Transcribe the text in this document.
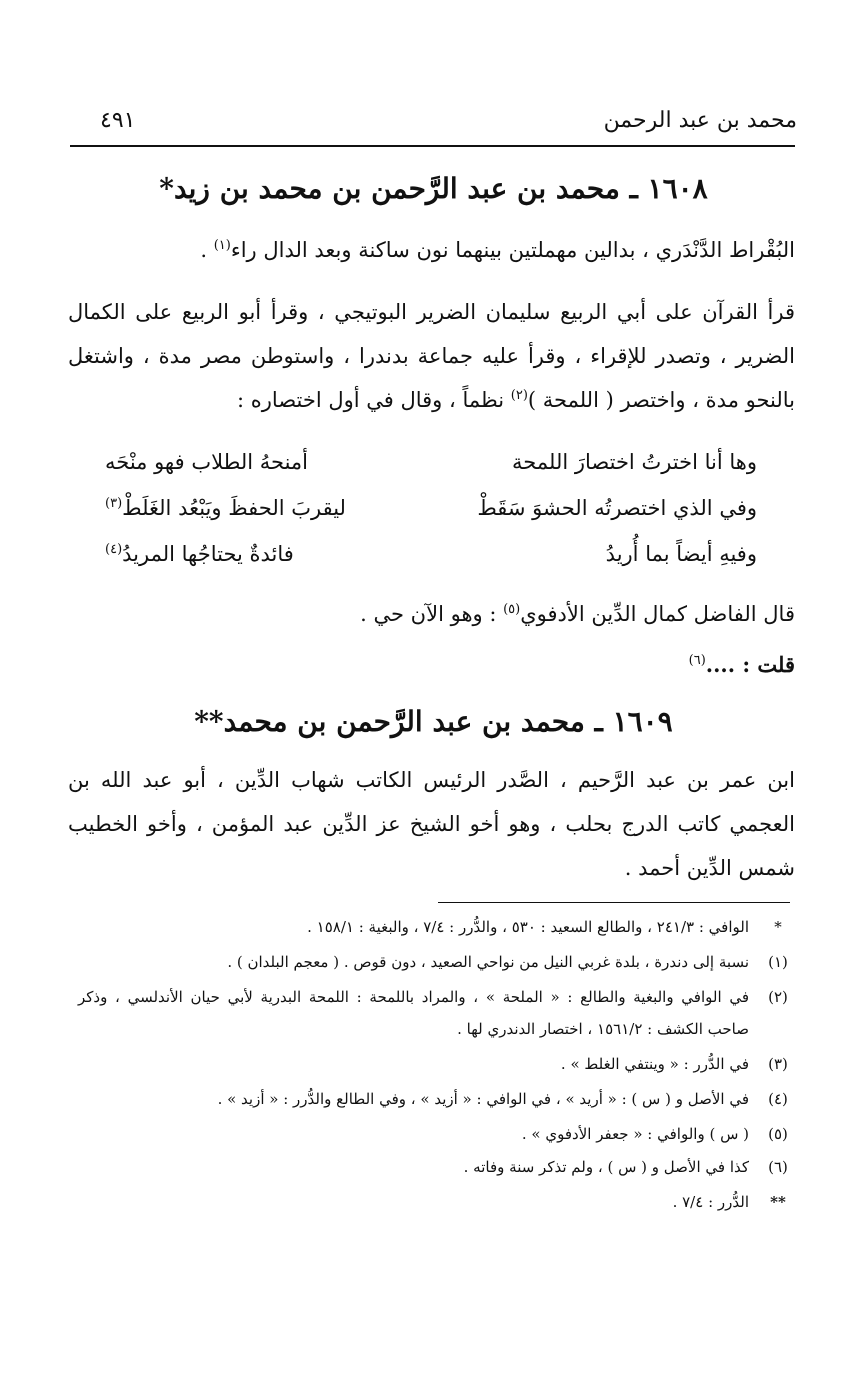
محمد بن عبد الرحمن
٤٩١
١٦٠٨ ـ محمد بن عبد الرَّحمن بن محمد بن زيد*
البُقْراط الدَّنْدَري ، بدالين مهملتين بينهما نون ساكنة وبعد الدال راء$^{(١)}$ .
قرأ القرآن على أبي الربيع سليمان الضرير البوتيجي ، وقرأ أبو الربيع على الكمال
الضرير ، وتصدر للإقراء ، وقرأ عليه جماعة بدندرا ، واستوطن مصر مدة ، واشتغل
بالنحو مدة ، واختصر ( اللمحة )$^{(٢)}$ نظماً ، وقال في أول اختصاره :
وها أنا اخترتُ اختصارَ اللمحة
أمنحهُ الطلاب فهو منْحَه
وفي الذي اختصرتُه الحشوَ سَقَطْ
ليقربَ الحفظَ ويَبْعُد الغَلَطْ$^{(٣)}$
وفيهِ أيضاً بما أُريدُ
فائدةٌ يحتاجُها المريدُ$^{(٤)}$
قال الفاضل كمال الدِّين الأدفوي$^{(٥)}$ : وهو الآن حي .
قلت : ....$^{(٦)}$
١٦٠٩ ـ محمد بن عبد الرَّحمن بن محمد**
ابن عمر بن عبد الرَّحيم ، الصَّدر الرئيس الكاتب شهاب الدِّين ، أبو عبد الله بن
العجمي كاتب الدرج بحلب ، وهو أخو الشيخ عز الدِّين عبد المؤمن ، وأخو الخطيب
شمس الدِّين أحمد .
*
الوافي : ٢٤١/٣ ، والطالع السعيد : ٥٣٠ ، والدُّرر : ٧/٤ ، والبغية : ١٥٨/١ .
(١)
نسبة إلى دندرة ، بلدة غربي النيل من نواحي الصعيد ، دون قوص . ( معجم البلدان ) .
(٢)
في الوافي والبغية والطالع : « الملحة » ، والمراد باللمحة : اللمحة البدرية لأبي حيان الأندلسي ، وذكر
صاحب الكشف : ١٥٦١/٢ ، اختصار الدندري لها .
(٣)
في الدُّرر : « وينتفي الغلط » .
(٤)
في الأصل و ( س ) : « أريد » ، في الوافي : « أزيد » ، وفي الطالع والدُّرر : « أزيد » .
(٥)
( س ) والوافي : « جعفر الأدفوي » .
(٦)
كذا في الأصل و ( س ) ، ولم تذكر سنة وفاته .
**
الدُّرر : ٧/٤ .
